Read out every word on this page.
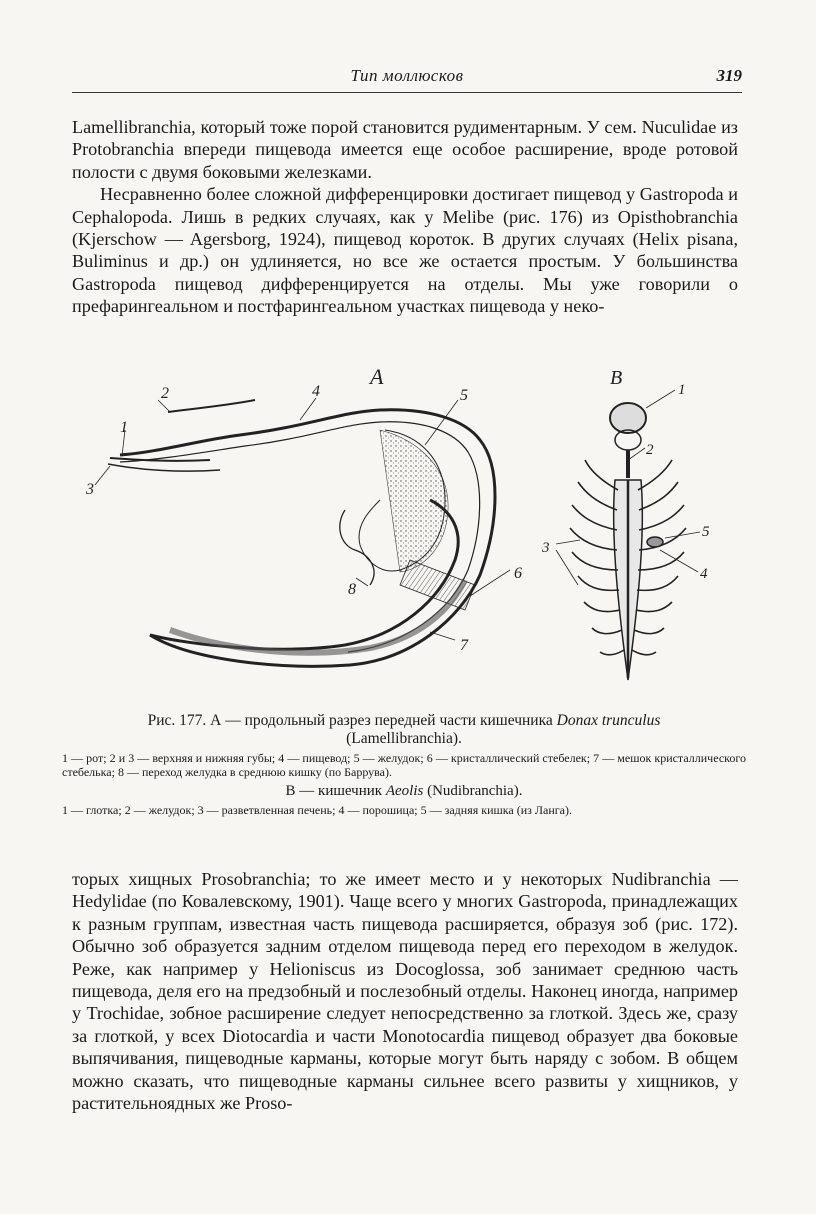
Тип моллюсков	319

Lamellibranchia, который тоже порой становится рудиментарным. У сем. Nuculidae из Protobranchia впереди пищевода имеется еще особое расширение, вроде ротовой полости с двумя боковыми железками.

Несравненно более сложной дифференцировки достигает пищевод у Gastropoda и Cephalopoda. Лишь в редких случаях, как у Melibe (рис. 176) из Opisthobranchia (Kjerschow — Agersborg, 1924), пищевод короток. В других случаях (Helix pisana, Buliminus и др.) он удлиняется, но все же остается простым. У большинства Gastropoda пищевод дифференцируется на отделы. Мы уже говорили о префарингеальном и постфарингеальном участках пищевода у неко-

2
1
3
4	5
6
7
8
А	В
1
2
3
4
5
Рис. 177. А — продольный разрез передней части кишечника Donax trunculus
(Lamellibranchia).
1 — рот; 2 и 3 — верхняя и нижняя губы; 4 — пищевод; 5 — желудок; 6 — кристаллический стебелек; 7 — мешок кристаллического стебелька; 8 — переход желудка в среднюю кишку (по Баррува).
В — кишечник Aeolis (Nudibranchia).
1 — глотка; 2 — желудок; 3 — разветвленная печень; 4 — порошица; 5 — задняя кишка (из Ланга).

торых хищных Prosobranchia; то же имеет место и у некоторых Nudibranchia — Hedylidae (по Ковалевскому, 1901). Чаще всего у многих Gastropoda, принадлежащих к разным группам, известная часть пищевода расширяется, образуя зоб (рис. 172). Обычно зоб образуется задним отделом пищевода перед его переходом в желудок. Реже, как например у Helioniscus из Docoglossa, зоб занимает среднюю часть пищевода, деля его на предзобный и послезобный отделы. Наконец иногда, например у Trochidae, зобное расширение следует непосредственно за глоткой. Здесь же, сразу за глоткой, у всех Diotocardia и части Monotocardia пищевод образует два боковые выпячивания, пищеводные карманы, которые могут быть наряду с зобом. В общем можно сказать, что пищеводные карманы сильнее всего развиты у хищников, у растительноядных же Proso-
